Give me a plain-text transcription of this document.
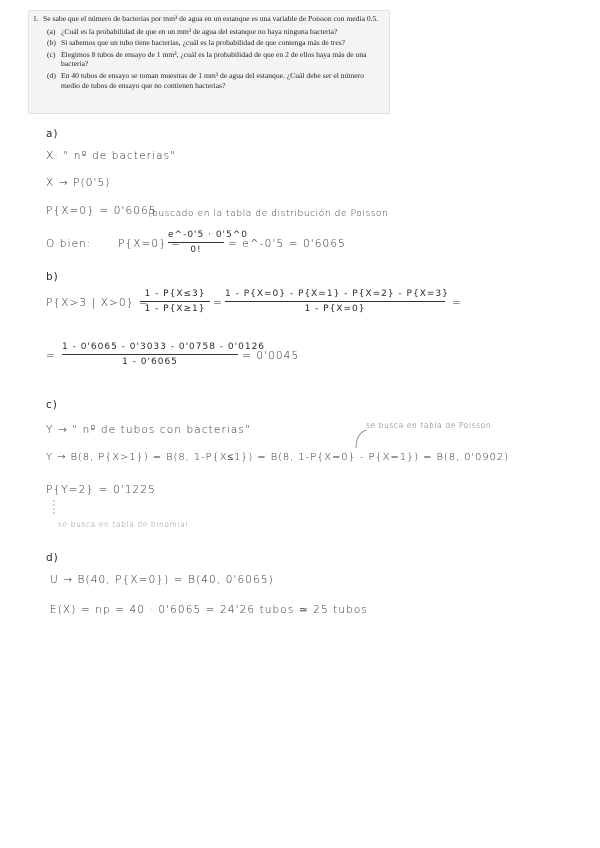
1. Se sabe que el número de bacterias por mm³ de agua en un estanque es una variable de Poisson con media 0.5.
(a) ¿Cuál es la probabilidad de que en un mm³ de agua del estanque no haya ninguna bacteria?
(b) Si sabemos que un tubo tiene bacterias, ¿cuál es la probabilidad de que contenga más de tres?
(c) Elegimos 8 tubos de ensayo de 1 mm³, ¿cuál es la probabilidad de que en 2 de ellos haya más de una bacteria?
(d) En 40 tubos de ensayo se toman muestras de 1 mm³ de agua del estanque. ¿Cuál debe ser el número medio de tubos de ensayo que no contienen bacterias?
a)
X: " nº de bacterias"
X → P(0'5)
P{X=0} = 0'6065
(buscado en la tabla de distribución de Poisson
O bien:	P{X=0} =
$\frac{e\^{}-0'5 \cdot 0'5\^{}0}{0!}$ = e^-0'5 = 0'6065
b)
P{X>3 | X>0} =
$\frac{1 - P\{X\le 3\}}{1 - P\{X\ge 1\}} = \frac{1 - P\{X=0\} - P\{X=1\} - P\{X=2\} - P\{X=3\}}{1 - P\{X=0\}}$ =
= $\frac{1 - 0'6065 - 0'3033 - 0'0758 - 0'0126}{1 - 0'6065} = 0'0045$
c)
Y → " nº de tubos con bacterias"	se busca en tabla de Poisson
Y → B(8, P{X>1}) = B(8, 1-P{X≤1}) = B(8, 1-P{X=0} - P{X=1}) = B(8, 0'0902)
P{Y=2} = 0'1225
se busca en tabla de binomial
d)
U → B(40, P{X=0}) = B(40, 0'6065)
E(X) = np = 40 · 0'6065 = 24'26 tubos ≃ 25 tubos
